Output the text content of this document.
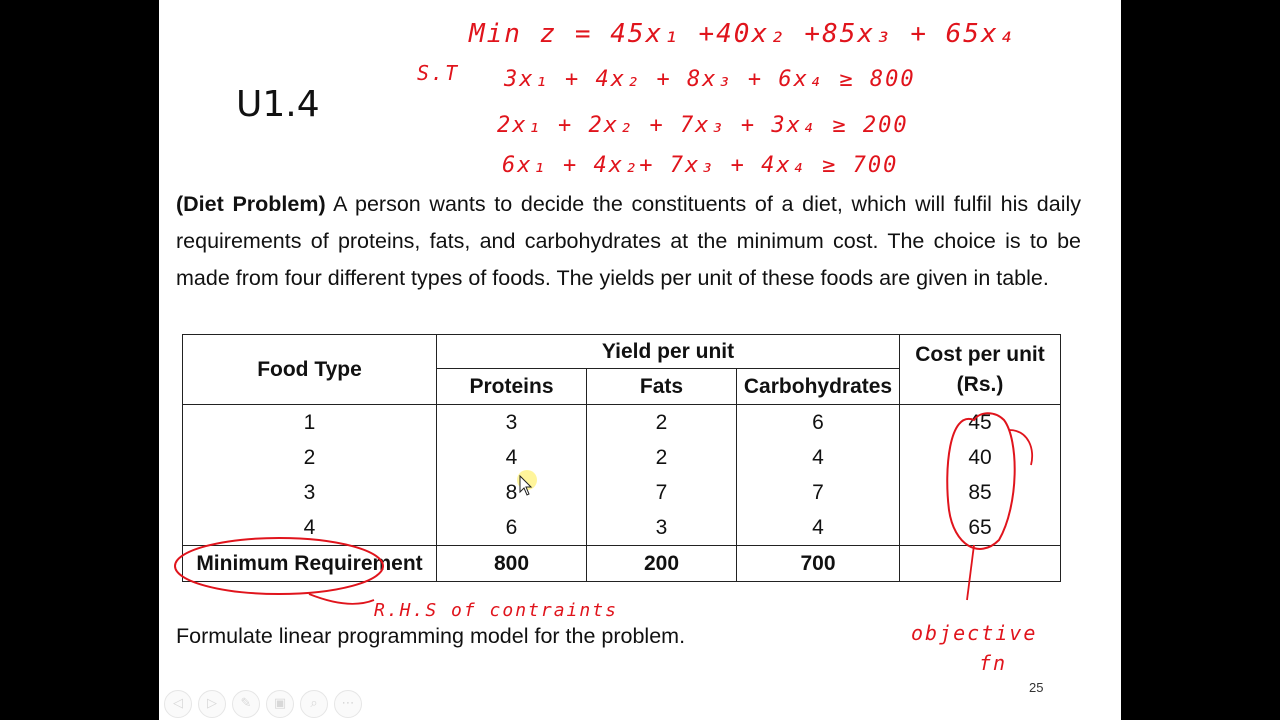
U1.4
(Diet Problem) A person wants to decide the constituents of a diet, which will fulfil his daily requirements of proteins, fats, and carbohydrates at the minimum cost. The choice is to be made from four different types of foods. The yields per unit of these foods are given in table.
Food Type	Yield per unit			Cost per unit
(Rs.)

	Proteins	Fats	Carbohydrates	
1	3	2	6	45
2	4	2	4	40
3	8	7	7	85
4	6	3	4	65
Minimum Requirement	800	200	700	
Formulate linear programming model for the problem.
25
◁	▷	✎	▣	⌕	⋯
Min z = 45x₁ +40x₂ +85x₃ + 65x₄
S.T 3x₁ + 4x₂ + 8x₃ + 6x₄ ≥ 800
2x₁ + 2x₂ + 7x₃ + 3x₄ ≥ 200
6x₁ + 4x₂+ 7x₃ + 4x₄ ≥ 700
R.H.S of contraints
objective
fn
